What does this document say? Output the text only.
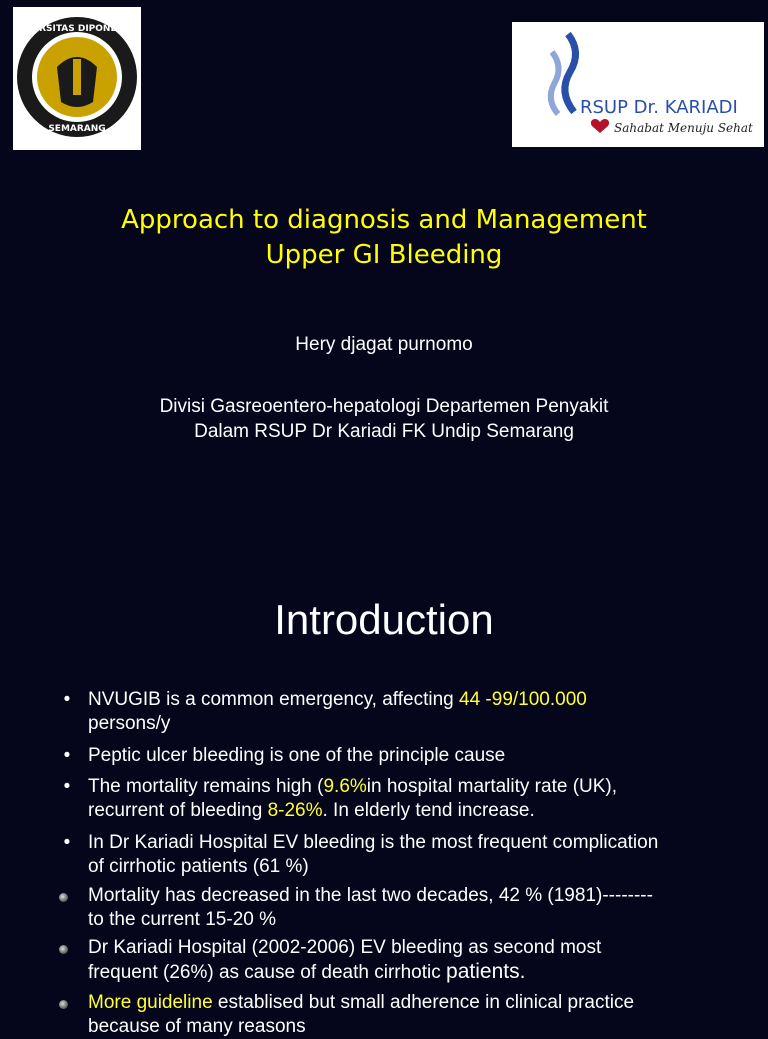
UNIVERSITAS DIPONEGORO
SEMARANG
RSUP Dr. KARIADI
Sahabat Menuju Sehat
Approach to diagnosis and Management
Upper GI Bleeding
Hery djagat purnomo
Divisi Gasreoentero-hepatologi Departemen Penyakit
Dalam RSUP Dr Kariadi FK Undip Semarang
Introduction
• NVUGIB is a common emergency, affecting 44 -99/100.000
persons/y
• Peptic ulcer bleeding is one of the principle cause
• The mortality remains high (9.6%in hospital martality rate (UK),
recurrent of bleeding 8-26%. In elderly tend increase.
• In Dr Kariadi Hospital EV bleeding is the most frequent complication
of cirrhotic patients (61 %)
Mortality has decreased in the last two decades, 42 % (1981)--------
to the current 15-20 %
Dr Kariadi Hospital (2002-2006) EV bleeding as second most
frequent (26%) as cause of death cirrhotic patients.
More guideline establised but small adherence in clinical practice
because of many reasons
